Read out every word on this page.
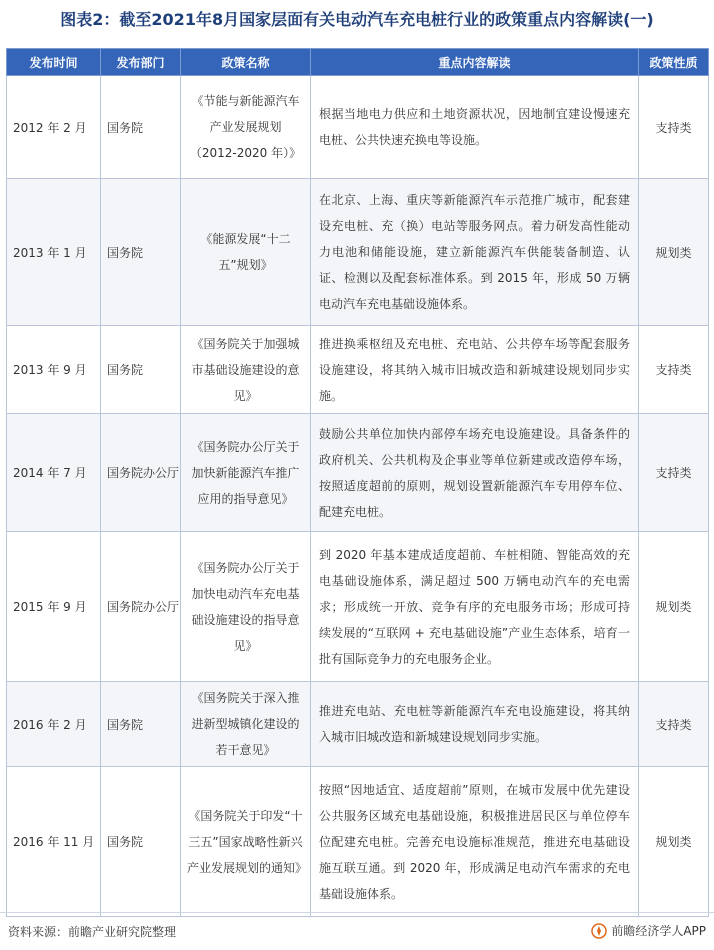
图表2：截至2021年8月国家层面有关电动汽车充电桩行业的政策重点内容解读(一)
发布时间	发布部门	政策名称	重点内容解读	政策性质
2012 年 2 月	国务院	《节能与新能源汽车产业发展规划（2012-2020 年）》	根据当地电力供应和土地资源状况，因地制宜建设慢速充电桩、公共快速充换电等设施。	支持类
2013 年 1 月	国务院	《能源发展“十二五”规划》	在北京、上海、重庆等新能源汽车示范推广城市，配套建设充电桩、充（换）电站等服务网点。着力研发高性能动力电池和储能设施，建立新能源汽车供能装备制造、认证、检测以及配套标准体系。到 2015 年，形成 50 万辆电动汽车充电基础设施体系。	规划类
2013 年 9 月	国务院	《国务院关于加强城市基础设施建设的意见》	推进换乘枢纽及充电桩、充电站、公共停车场等配套服务设施建设，将其纳入城市旧城改造和新城建设规划同步实施。	支持类
2014 年 7 月	国务院办公厅	《国务院办公厅关于加快新能源汽车推广应用的指导意见》	鼓励公共单位加快内部停车场充电设施建设。具备条件的政府机关、公共机构及企事业等单位新建或改造停车场，按照适度超前的原则，规划设置新能源汽车专用停车位、配建充电桩。	支持类
2015 年 9 月	国务院办公厅	《国务院办公厅关于加快电动汽车充电基础设施建设的指导意见》	到 2020 年基本建成适度超前、车桩相随、智能高效的充电基础设施体系，满足超过 500 万辆电动汽车的充电需求；形成统一开放、竞争有序的充电服务市场；形成可持续发展的“互联网 + 充电基础设施”产业生态体系，培育一批有国际竞争力的充电服务企业。	规划类
2016 年 2 月	国务院	《国务院关于深入推进新型城镇化建设的若干意见》	推进充电站、充电桩等新能源汽车充电设施建设，将其纳入城市旧城改造和新城建设规划同步实施。	支持类
2016 年 11 月	国务院	《国务院关于印发“十三五”国家战略性新兴产业发展规划的通知》	按照“因地适宜、适度超前”原则，在城市发展中优先建设公共服务区域充电基础设施，积极推进居民区与单位停车位配建充电桩。完善充电设施标准规范，推进充电基础设施互联互通。到 2020 年，形成满足电动汽车需求的充电基础设施体系。	规划类
资料来源：前瞻产业研究院整理	前瞻经济学人APP
